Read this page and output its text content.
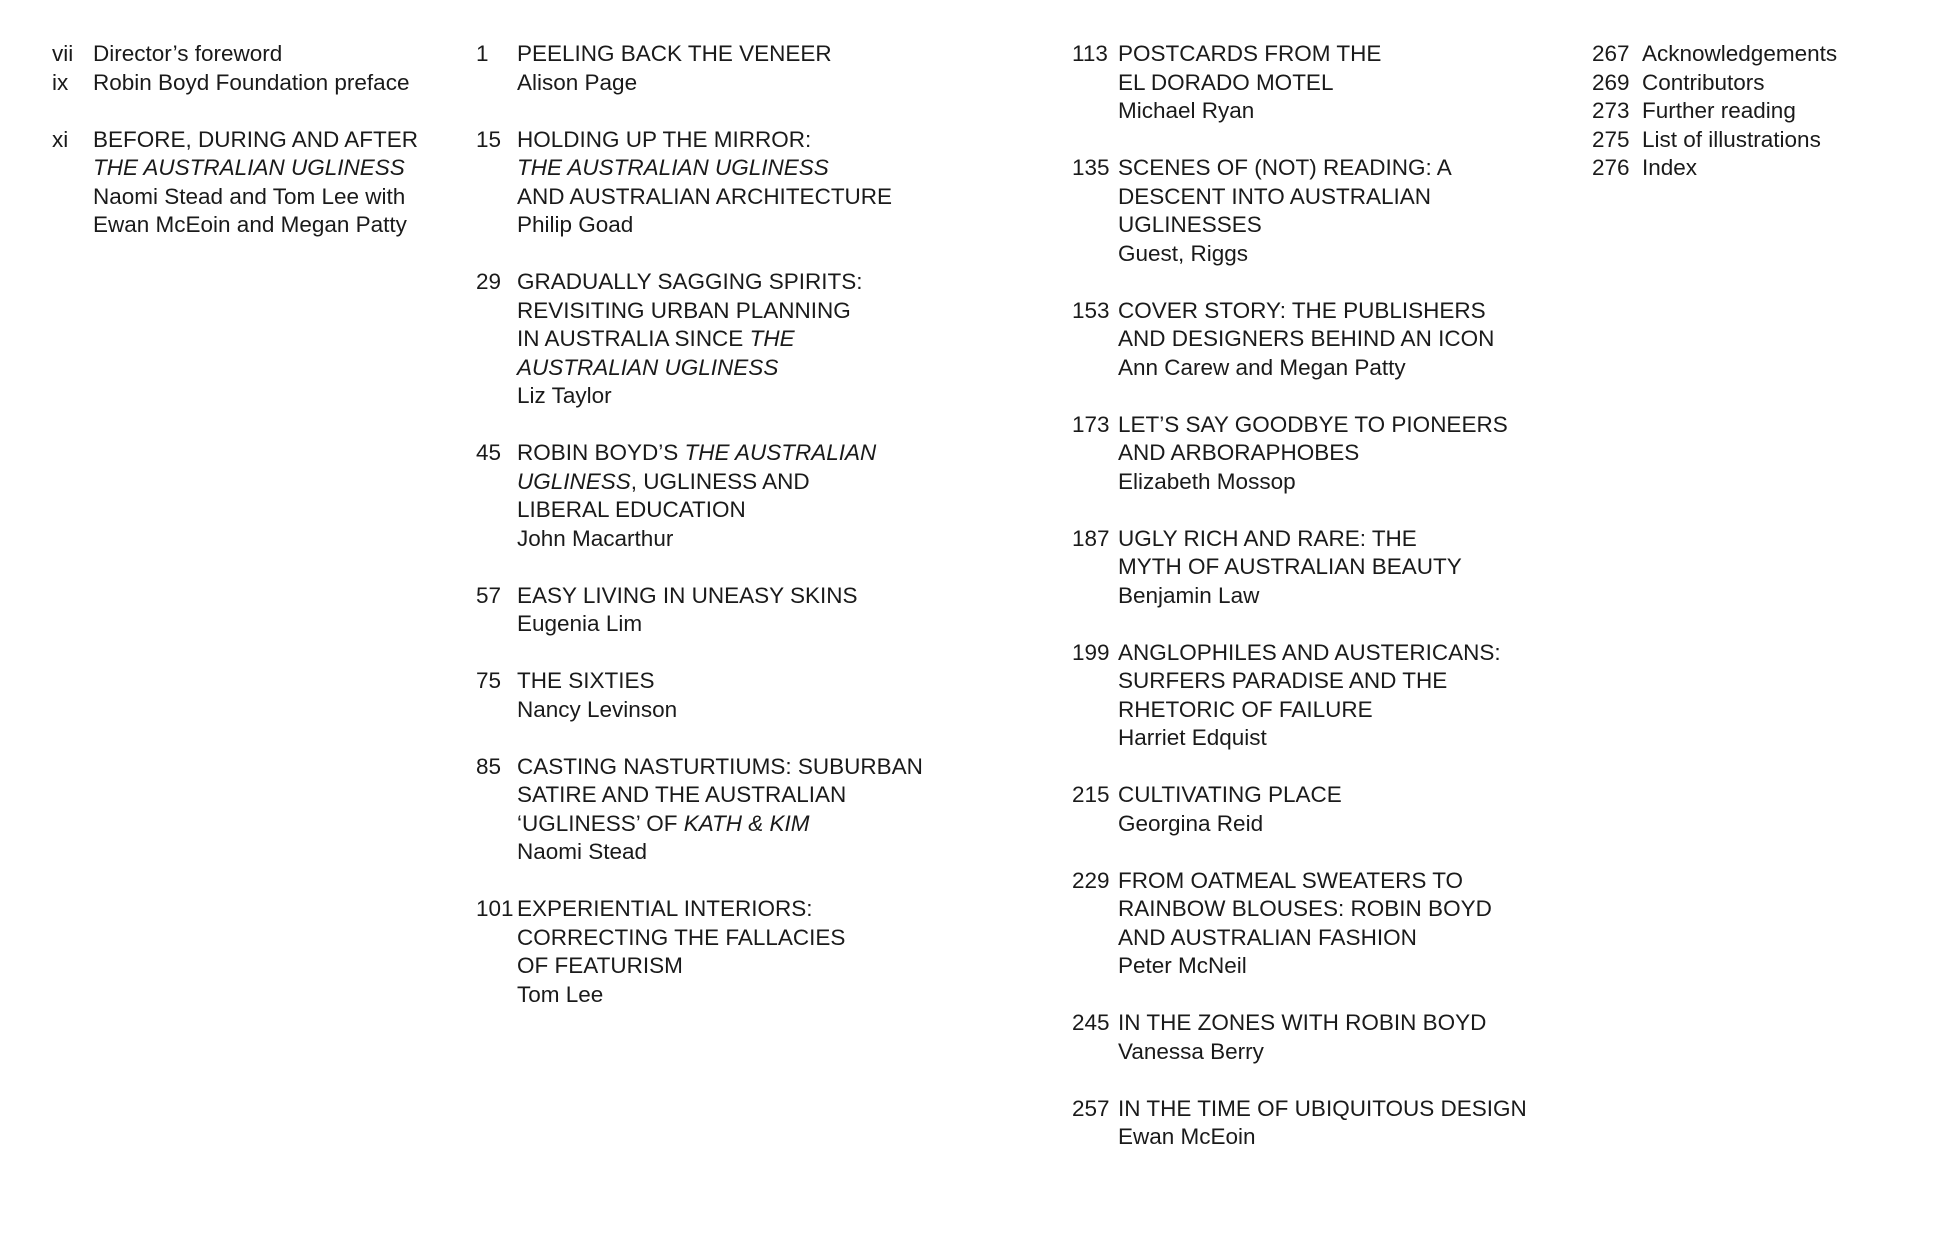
vii Director’s foreword
ix	Robin Boyd Foundation preface
xi	BEFORE, DURING AND AFTER
THE AUSTRALIAN UGLINESS
Naomi Stead and Tom Lee with
Ewan McEoin and Megan Patty
1	PEELING BACK THE VENEER
Alison Page
15 HOLDING UP THE MIRROR:
THE AUSTRALIAN UGLINESS
AND AUSTRALIAN ARCHITECTURE
Philip Goad
29 GRADUALLY SAGGING SPIRITS:
REVISITING URBAN PLANNING
IN AUSTRALIA SINCE THE
AUSTRALIAN UGLINESS
Liz Taylor
45 ROBIN BOYD’S THE AUSTRALIAN
UGLINESS, UGLINESS AND
LIBERAL EDUCATION
John Macarthur
57 EASY LIVING IN UNEASY SKINS
Eugenia Lim
75 THE SIXTIES
Nancy Levinson
85 CASTING NASTURTIUMS: SUBURBAN
SATIRE AND THE AUSTRALIAN
‘UGLINESS’ OF KATH & KIM
Naomi Stead
101 EXPERIENTIAL INTERIORS:
CORRECTING THE FALLACIES
OF FEATURISM
Tom Lee
113 POSTCARDS FROM THE
EL DORADO MOTEL
Michael Ryan
135 SCENES OF (NOT) READING: A
DESCENT INTO AUSTRALIAN
UGLINESSES
Guest, Riggs
153 COVER STORY: THE PUBLISHERS
AND DESIGNERS BEHIND AN ICON
Ann Carew and Megan Patty
173 LET’S SAY GOODBYE TO PIONEERS
AND ARBORAPHOBES
Elizabeth Mossop
187 UGLY RICH AND RARE: THE
MYTH OF AUSTRALIAN BEAUTY
Benjamin Law
199 ANGLOPHILES AND AUSTERICANS:
SURFERS PARADISE AND THE
RHETORIC OF FAILURE
Harriet Edquist
215 CULTIVATING PLACE
Georgina Reid
229 FROM OATMEAL SWEATERS TO
RAINBOW BLOUSES: ROBIN BOYD
AND AUSTRALIAN FASHION
Peter McNeil
245 IN THE ZONES WITH ROBIN BOYD
Vanessa Berry
257 IN THE TIME OF UBIQUITOUS DESIGN
Ewan McEoin
267 Acknowledgements
269 Contributors
273 Further reading
275 List of illustrations
276 Index
